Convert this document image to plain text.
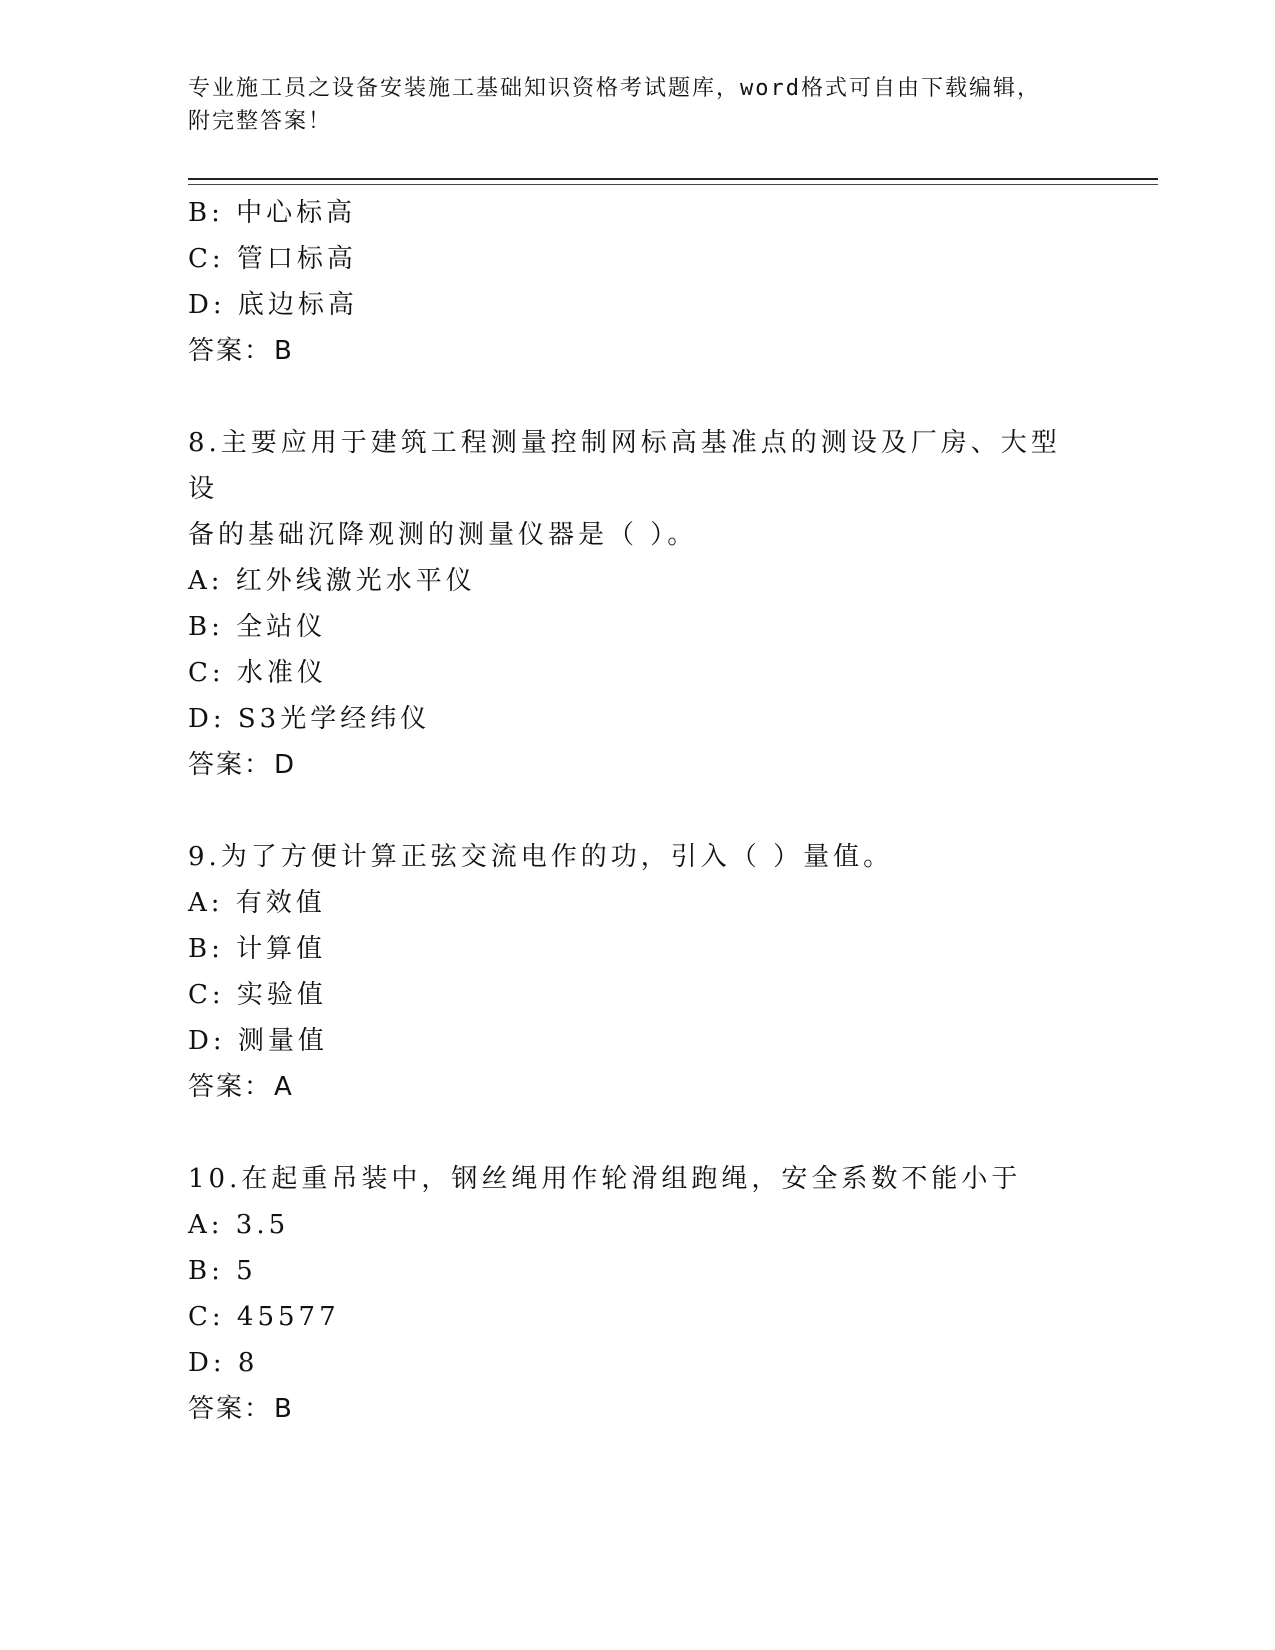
专业施工员之设备安装施工基础知识资格考试题库，word格式可自由下载编辑，
附完整答案！
B: 中心标高
C: 管口标高
D: 底边标高
答案：B
8.主要应用于建筑工程测量控制网标高基准点的测设及厂房、大型设
备的基础沉降观测的测量仪器是（ ）。
A: 红外线激光水平仪
B: 全站仪
C: 水准仪
D: S3光学经纬仪
答案：D
9.为了方便计算正弦交流电作的功，引入（ ）量值。
A: 有效值
B: 计算值
C: 实验值
D: 测量值
答案：A
10.在起重吊装中，钢丝绳用作轮滑组跑绳，安全系数不能小于
A: 3.5
B: 5
C: 45577
D: 8
答案：B
